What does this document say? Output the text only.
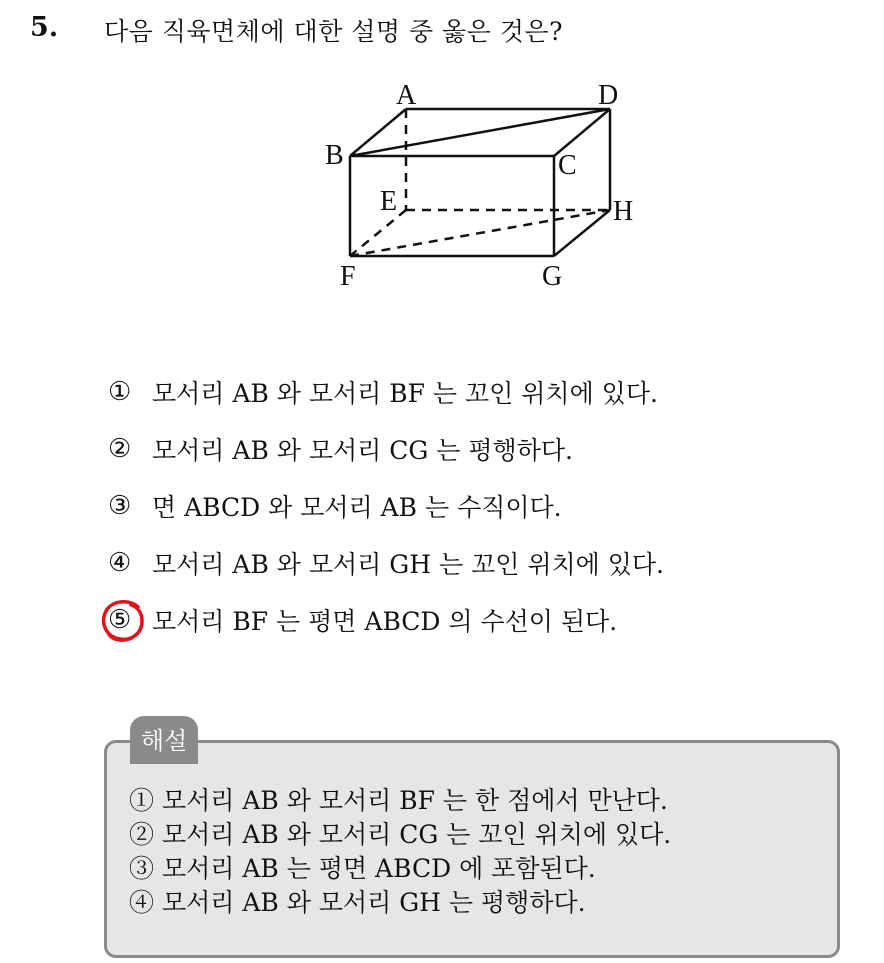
5. 다음 직육면체에 대한 설명 중 옳은 것은?
A	D
B	C
E	H
F	G
① 모서리 AB 와 모서리 BF 는 꼬인 위치에 있다.
② 모서리 AB 와 모서리 CG 는 평행하다.
③ 면 ABCD 와 모서리 AB 는 수직이다.
④ 모서리 AB 와 모서리 GH 는 꼬인 위치에 있다.
⑤ 모서리 BF 는 평면 ABCD 의 수선이 된다.
① 모서리 AB 와 모서리 BF 는 한 점에서 만난다.
② 모서리 AB 와 모서리 CG 는 꼬인 위치에 있다.
③ 모서리 AB 는 평면 ABCD 에 포함된다.
④ 모서리 AB 와 모서리 GH 는 평행하다.
해설
